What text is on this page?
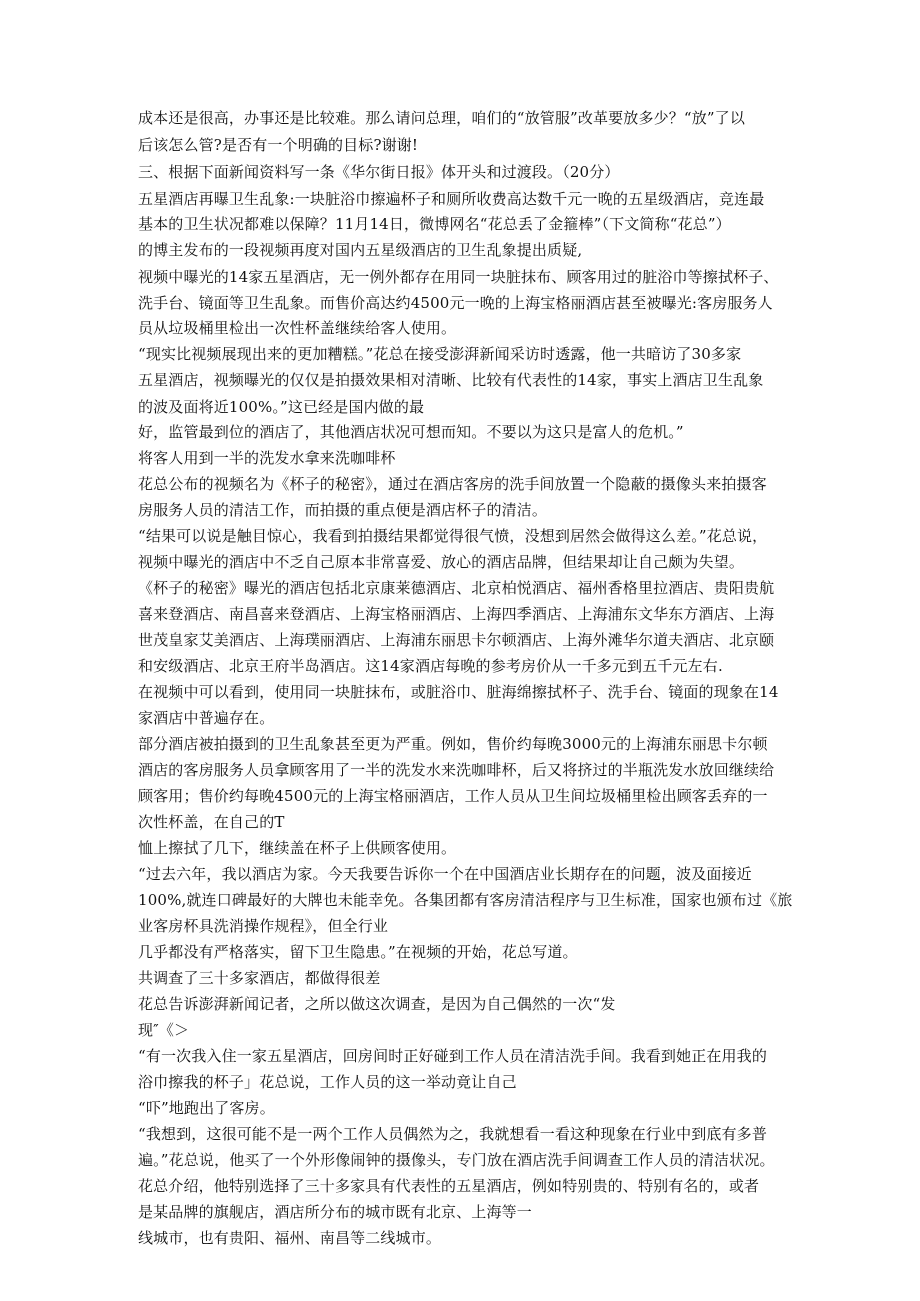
成本还是很高，办事还是比较难。那么请问总理，咱们的“放管服”改革要放多少？“放”了以
后该怎么管?是否有一个明确的目标?谢谢!
三、根据下面新闻资料写一条《华尔街日报》体开头和过渡段。（20分）
五星酒店再曝卫生乱象:一块脏浴巾擦遍杯子和厕所收费高达数千元一晚的五星级酒店，竞连最
基本的卫生状况都难以保障？11月14日，微博网名“花总丢了金箍棒”（下文简称“花总”）
的博主发布的一段视频再度对国内五星级酒店的卫生乱象提出质疑,
视频中曝光的14家五星酒店，无一例外都存在用同一块脏抹布、顾客用过的脏浴巾等擦拭杯子、
洗手台、镜面等卫生乱象。而售价高达约4500元一晚的上海宝格丽酒店甚至被曝光:客房服务人
员从垃圾桶里检出一次性杯盖继续给客人使用。
“现实比视频展现出来的更加糟糕。”花总在接受澎湃新闻采访时透露，他一共暗访了30多家
五星酒店，视频曝光的仅仅是拍摄效果相对清晰、比较有代表性的14家，事实上酒店卫生乱象
的波及面将近100%。”这已经是国内做的最
好，监管最到位的酒店了，其他酒店状况可想而知。不要以为这只是富人的危机。”
将客人用到一半的洗发水拿来洗咖啡杯
花总公布的视频名为《杯子的秘密》，通过在酒店客房的洗手间放置一个隐蔽的摄像头来拍摄客
房服务人员的清洁工作，而拍摄的重点便是酒店杯子的清洁。
“结果可以说是触目惊心，我看到拍摄结果都觉得很气愤，没想到居然会做得这么差。”花总说，
视频中曝光的酒店中不乏自己原本非常喜爱、放心的酒店品牌，但结果却让自己颇为失望。
《杯子的秘密》曝光的酒店包括北京康莱德酒店、北京柏悦酒店、福州香格里拉酒店、贵阳贵航
喜来登酒店、南昌喜来登酒店、上海宝格丽酒店、上海四季酒店、上海浦东文华东方酒店、上海
世茂皇家艾美酒店、上海璞丽酒店、上海浦东丽思卡尔顿酒店、上海外滩华尔道夫酒店、北京颐
和安级酒店、北京王府半岛酒店。这14家酒店每晚的参考房价从一千多元到五千元左右.
在视频中可以看到，使用同一块脏抹布，或脏浴巾、脏海绵擦拭杯子、洗手台、镜面的现象在14
家酒店中普遍存在。
部分酒店被拍摄到的卫生乱象甚至更为严重。例如，售价约每晚3000元的上海浦东丽思卡尔顿
酒店的客房服务人员拿顾客用了一半的洗发水来洗咖啡杯，后又将挤过的半瓶洗发水放回继续给
顾客用；售价约每晚4500元的上海宝格丽酒店，工作人员从卫生间垃圾桶里检出顾客丢弃的一
次性杯盖，在自己的T
恤上擦拭了几下，继续盖在杯子上供顾客使用。
“过去六年，我以酒店为家。今天我要告诉你一个在中国酒店业长期存在的问题，波及面接近
100%,就连口碑最好的大牌也未能幸免。各集团都有客房清洁程序与卫生标准，国家也颁布过《旅
业客房杯具洗消操作规程》，但全行业
几乎都没有严格落实，留下卫生隐患。”在视频的开始，花总写道。
共调查了三十多家酒店，都做得很差
花总告诉澎湃新闻记者，之所以做这次调查，是因为自己偶然的一次“发
现″《＞
“有一次我入住一家五星酒店，回房间时正好碰到工作人员在清洁洗手间。我看到她正在用我的
浴巾擦我的杯子」花总说，工作人员的这一举动竟让自己
“吓”地跑出了客房。
“我想到，这很可能不是一两个工作人员偶然为之，我就想看一看这种现象在行业中到底有多普
遍。”花总说，他买了一个外形像闹钟的摄像头，专门放在酒店洗手间调查工作人员的清洁状况。
花总介绍，他特别选择了三十多家具有代表性的五星酒店，例如特别贵的、特别有名的，或者
是某品牌的旗舰店，酒店所分布的城市既有北京、上海等一
线城市，也有贵阳、福州、南昌等二线城市。
